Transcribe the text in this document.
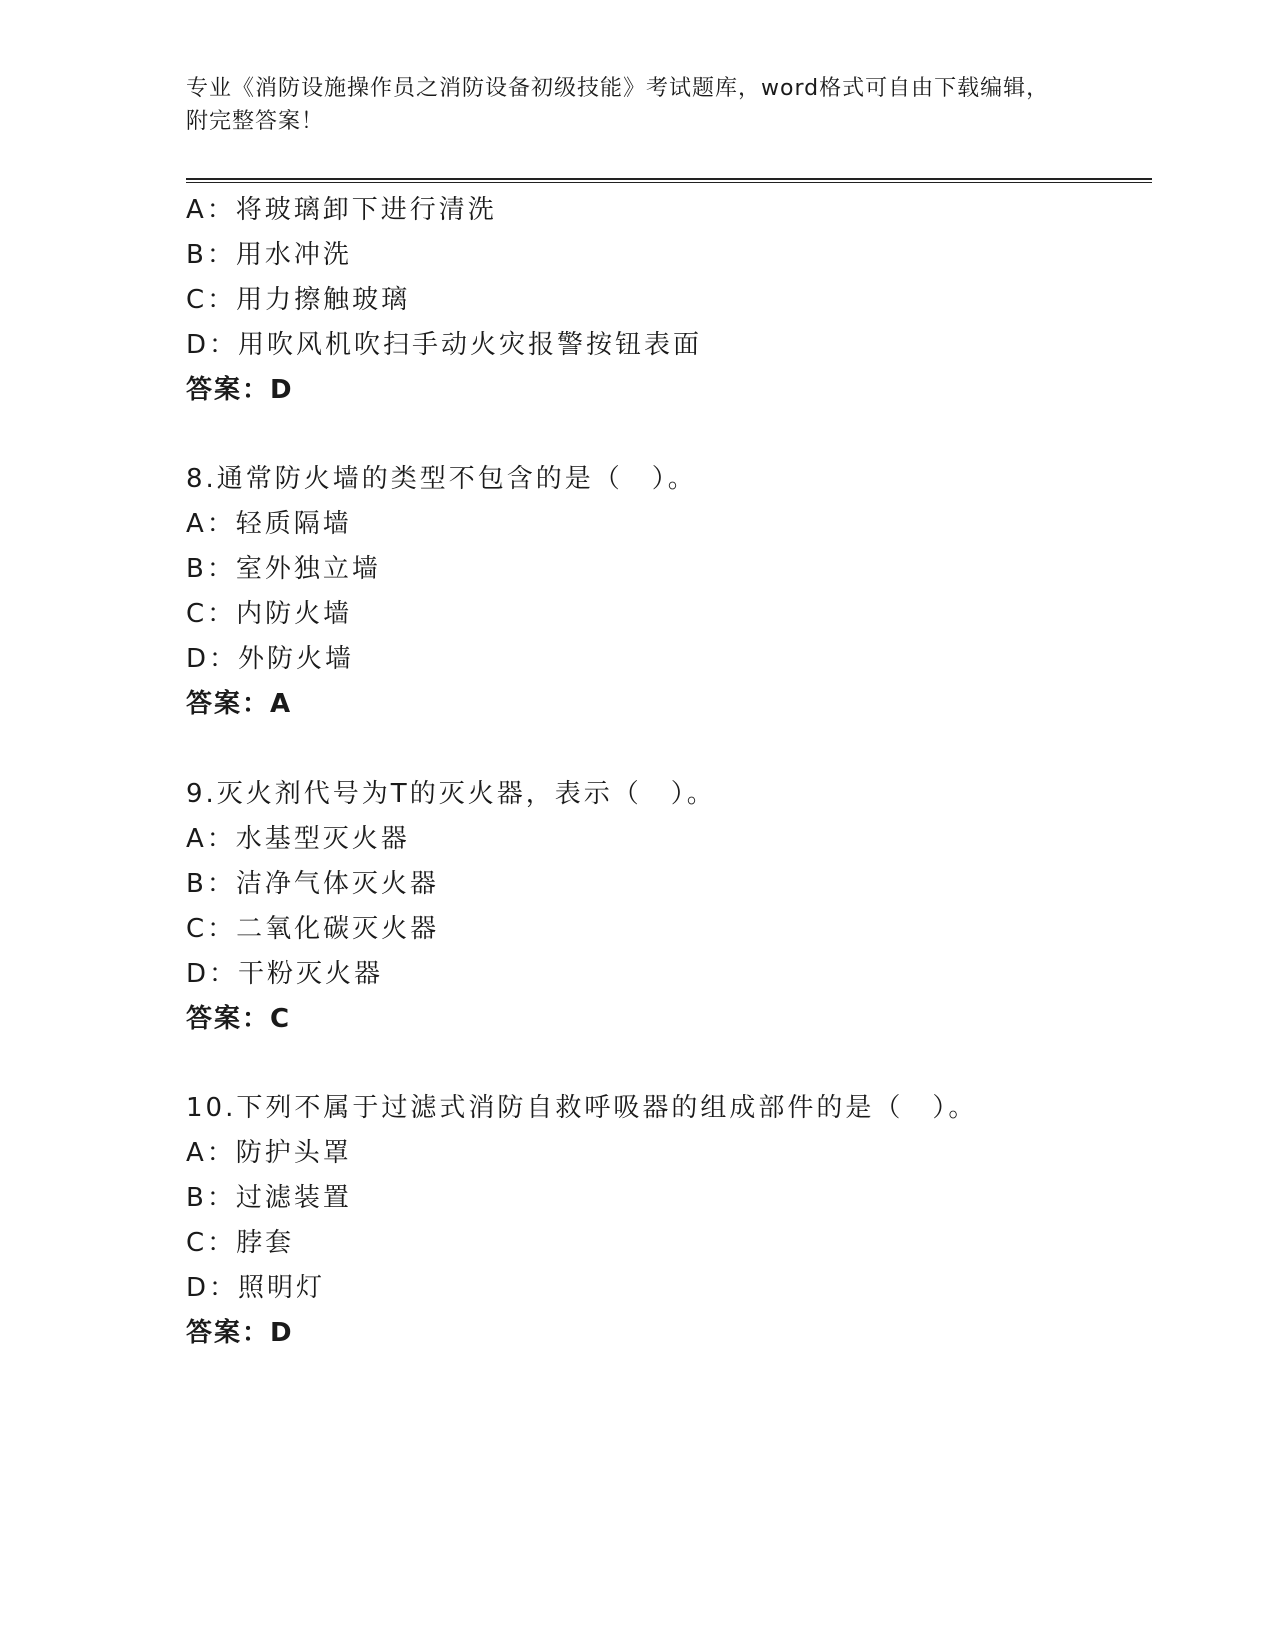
专业《消防设施操作员之消防设备初级技能》考试题库，word格式可自由下载编辑，附完整答案！
A：将玻璃卸下进行清洗
B：用水冲洗
C：用力擦触玻璃
D：用吹风机吹扫手动火灾报警按钮表面
答案：D
8.通常防火墙的类型不包含的是（　）。
A：轻质隔墙
B：室外独立墙
C：内防火墙
D：外防火墙
答案：A
9.灭火剂代号为T的灭火器，表示（　）。
A：水基型灭火器
B：洁净气体灭火器
C：二氧化碳灭火器
D：干粉灭火器
答案：C
10.下列不属于过滤式消防自救呼吸器的组成部件的是（　）。
A：防护头罩
B：过滤装置
C：脖套
D：照明灯
答案：D
